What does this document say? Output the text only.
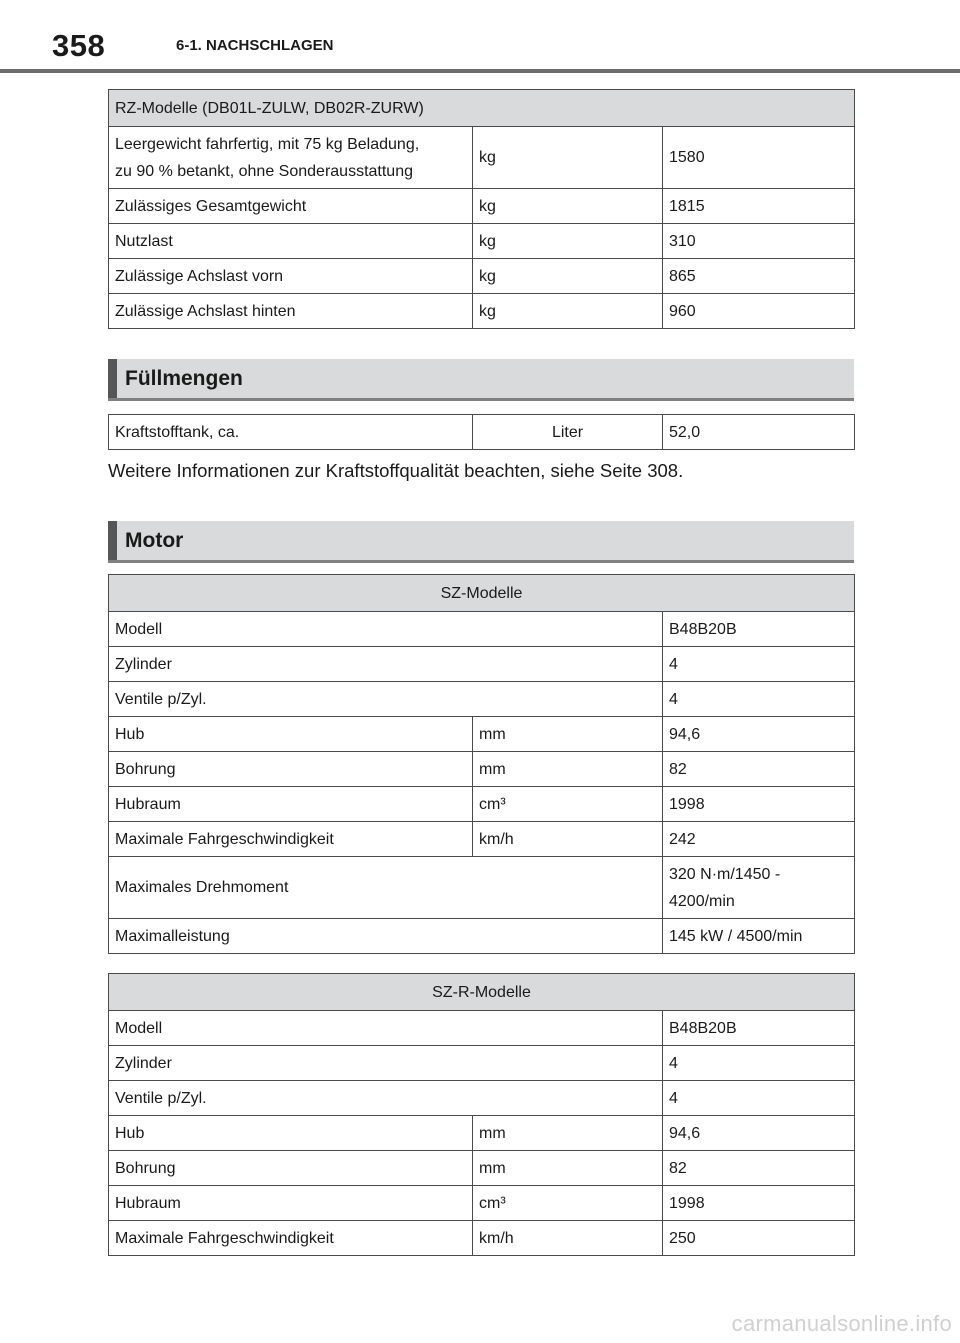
358	6-1. NACHSCHLAGEN
RZ-Modelle (DB01L-ZULW, DB02R-ZURW)		

Leergewicht fahrfertig, mit 75 kg Beladung,
zu 90 % betankt, ohne Sonderausstattung	kg	1580
Zulässiges Gesamtgewicht	kg	1815
Nutzlast	kg	310
Zulässige Achslast vorn	kg	865
Zulässige Achslast hinten	kg	960
Füllmengen
Kraftstofftank, ca.	Liter	52,0
Weitere Informationen zur Kraftstoffqualität beachten, siehe Seite 308.
Motor
SZ-Modelle		
Modell		B48B20B
Zylinder		4
Ventile p/Zyl.		4
Hub	mm	94,6
Bohrung	mm	82
Hubraum	cm³	1998
Maximale Fahrgeschwindigkeit	km/h	242
Maximales Drehmoment		320 N·m/1450 -
4200/min

Maximalleistung		145 kW / 4500/min
SZ-R-Modelle		
Modell		B48B20B
Zylinder		4
Ventile p/Zyl.		4
Hub	mm	94,6
Bohrung	mm	82
Hubraum	cm³	1998
Maximale Fahrgeschwindigkeit	km/h	250
carmanualsonline.info
